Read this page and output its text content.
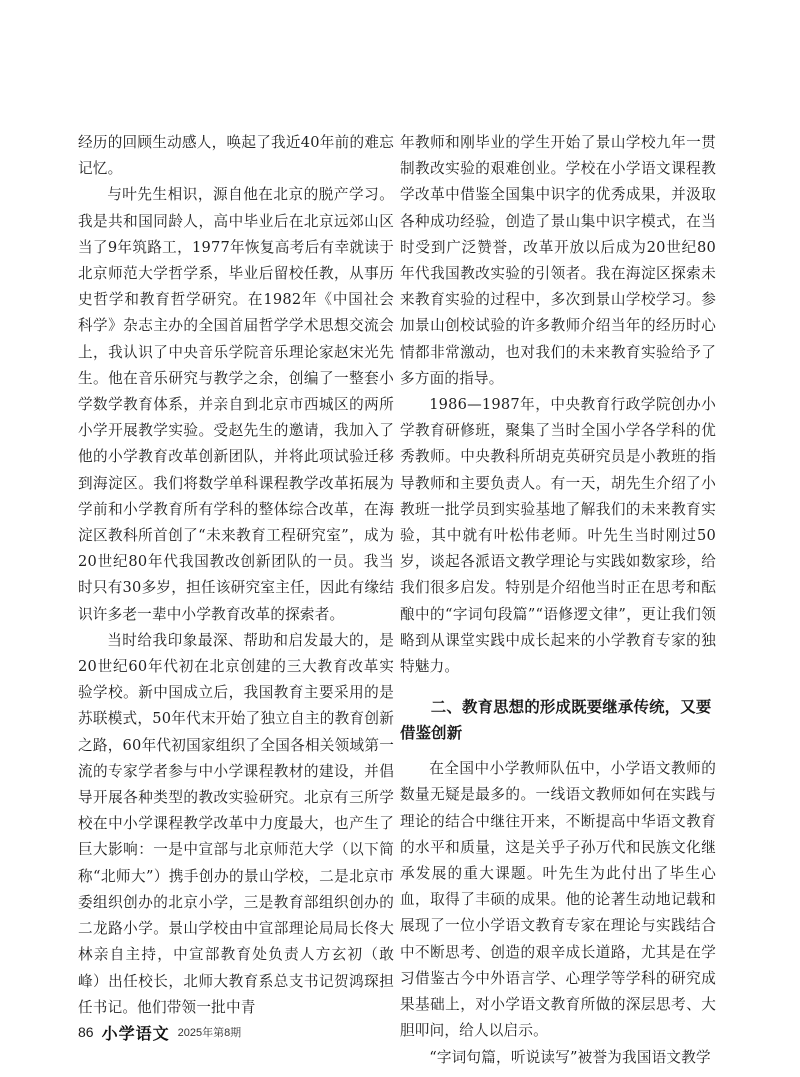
经历的回顾生动感人，唤起了我近40年前的难忘记忆。

与叶先生相识，源自他在北京的脱产学习。我是共和国同龄人，高中毕业后在北京远郊山区当了9年筑路工，1977年恢复高考后有幸就读于北京师范大学哲学系，毕业后留校任教，从事历史哲学和教育哲学研究。在1982年《中国社会科学》杂志主办的全国首届哲学学术思想交流会上，我认识了中央音乐学院音乐理论家赵宋光先生。他在音乐研究与教学之余，创编了一整套小学数学教育体系，并亲自到北京市西城区的两所小学开展教学实验。受赵先生的邀请，我加入了他的小学教育改革创新团队，并将此项试验迁移到海淀区。我们将数学单科课程教学改革拓展为学前和小学教育所有学科的整体综合改革，在海淀区教科所首创了“未来教育工程研究室”，成为20世纪80年代我国教改创新团队的一员。我当时只有30多岁，担任该研究室主任，因此有缘结识许多老一辈中小学教育改革的探索者。

当时给我印象最深、帮助和启发最大的，是20世纪60年代初在北京创建的三大教育改革实验学校。新中国成立后，我国教育主要采用的是苏联模式，50年代末开始了独立自主的教育创新之路，60年代初国家组织了全国各相关领域第一流的专家学者参与中小学课程教材的建设，并倡导开展各种类型的教改实验研究。北京有三所学校在中小学课程教学改革中力度最大，也产生了巨大影响：一是中宣部与北京师范大学（以下简称“北师大”）携手创办的景山学校，二是北京市委组织创办的北京小学，三是教育部组织创办的二龙路小学。景山学校由中宣部理论局局长佟大林亲自主持，中宣部教育处负责人方玄初（敢峰）出任校长，北师大教育系总支书记贺鸿琛担任书记。他们带领一批中青

年教师和刚毕业的学生开始了景山学校九年一贯制教改实验的艰难创业。学校在小学语文课程教学改革中借鉴全国集中识字的优秀成果，并汲取各种成功经验，创造了景山集中识字模式，在当时受到广泛赞誉，改革开放以后成为20世纪80年代我国教改实验的引领者。我在海淀区探索未来教育实验的过程中，多次到景山学校学习。参加景山创校试验的许多教师介绍当年的经历时心情都非常激动，也对我们的未来教育实验给予了多方面的指导。

1986—1987年，中央教育行政学院创办小学教育研修班，聚集了当时全国小学各学科的优秀教师。中央教科所胡克英研究员是小教班的指导教师和主要负责人。有一天，胡先生介绍了小教班一批学员到实验基地了解我们的未来教育实验，其中就有叶松伟老师。叶先生当时刚过50岁，谈起各派语文教学理论与实践如数家珍，给我们很多启发。特别是介绍他当时正在思考和酝酿中的“字词句段篇”“语修逻文律”，更让我们领略到从课堂实践中成长起来的小学教育专家的独特魅力。

二、教育思想的形成既要继承传统，又要借鉴创新

在全国中小学教师队伍中，小学语文教师的数量无疑是最多的。一线语文教师如何在实践与理论的结合中继往开来，不断提高中华语文教育的水平和质量，这是关乎子孙万代和民族文化继承发展的重大课题。叶先生为此付出了毕生心血，取得了丰硕的成果。他的论著生动地记载和展现了一位小学语文教育专家在理论与实践结合中不断思考、创造的艰辛成长道路，尤其是在学习借鉴古今中外语言学、心理学等学科的研究成果基础上，对小学语文教育所做的深层思考、大胆叩问，给人以启示。

“字词句篇，听说读写”被誉为我国语文教学

86 小学语文 2025年第8期
